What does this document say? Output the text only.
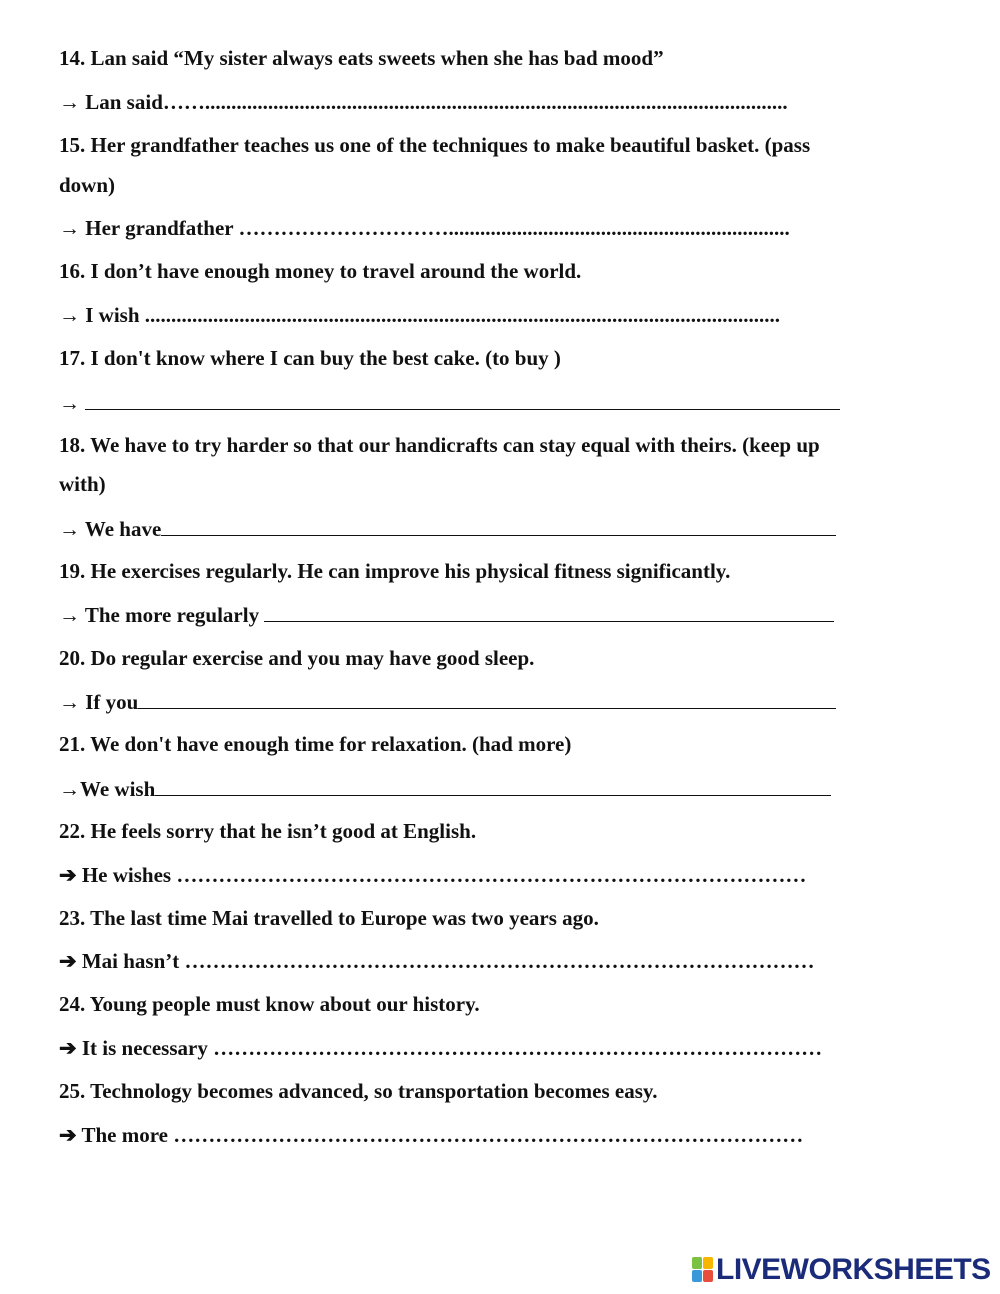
14. Lan said “My sister always eats sweets when she has bad mood”
→ Lan said……...............................................................................................................
15. Her grandfather teaches us one of the techniques to make beautiful basket. (pass
down)
→ Her grandfather ………………………….................................................................
16. I don’t have enough money to travel around the world.
→ I wish .........................................................................................................................
17. I don't know where I can buy the best cake. (to buy )
→
18. We have to try harder so that our handicrafts can stay equal with theirs. (keep up
with)
→ We have
19. He exercises regularly. He can improve his physical fitness significantly.
→ The more regularly
20. Do regular exercise and you may have good sleep.
→ If you
21. We don't have enough time for relaxation. (had more)
→We wish
22. He feels sorry that he isn’t good at English.
➔ He wishes ………………………………………………………………………………
23. The last time Mai travelled to Europe was two years ago.
➔ Mai hasn’t ………………………………………………………………………………
24. Young people must know about our history.
➔ It is necessary ……………………………………………………………………………
25. Technology becomes advanced, so transportation becomes easy.
➔ The more ………………………………………………………………………………
LIVEWORKSHEETS
